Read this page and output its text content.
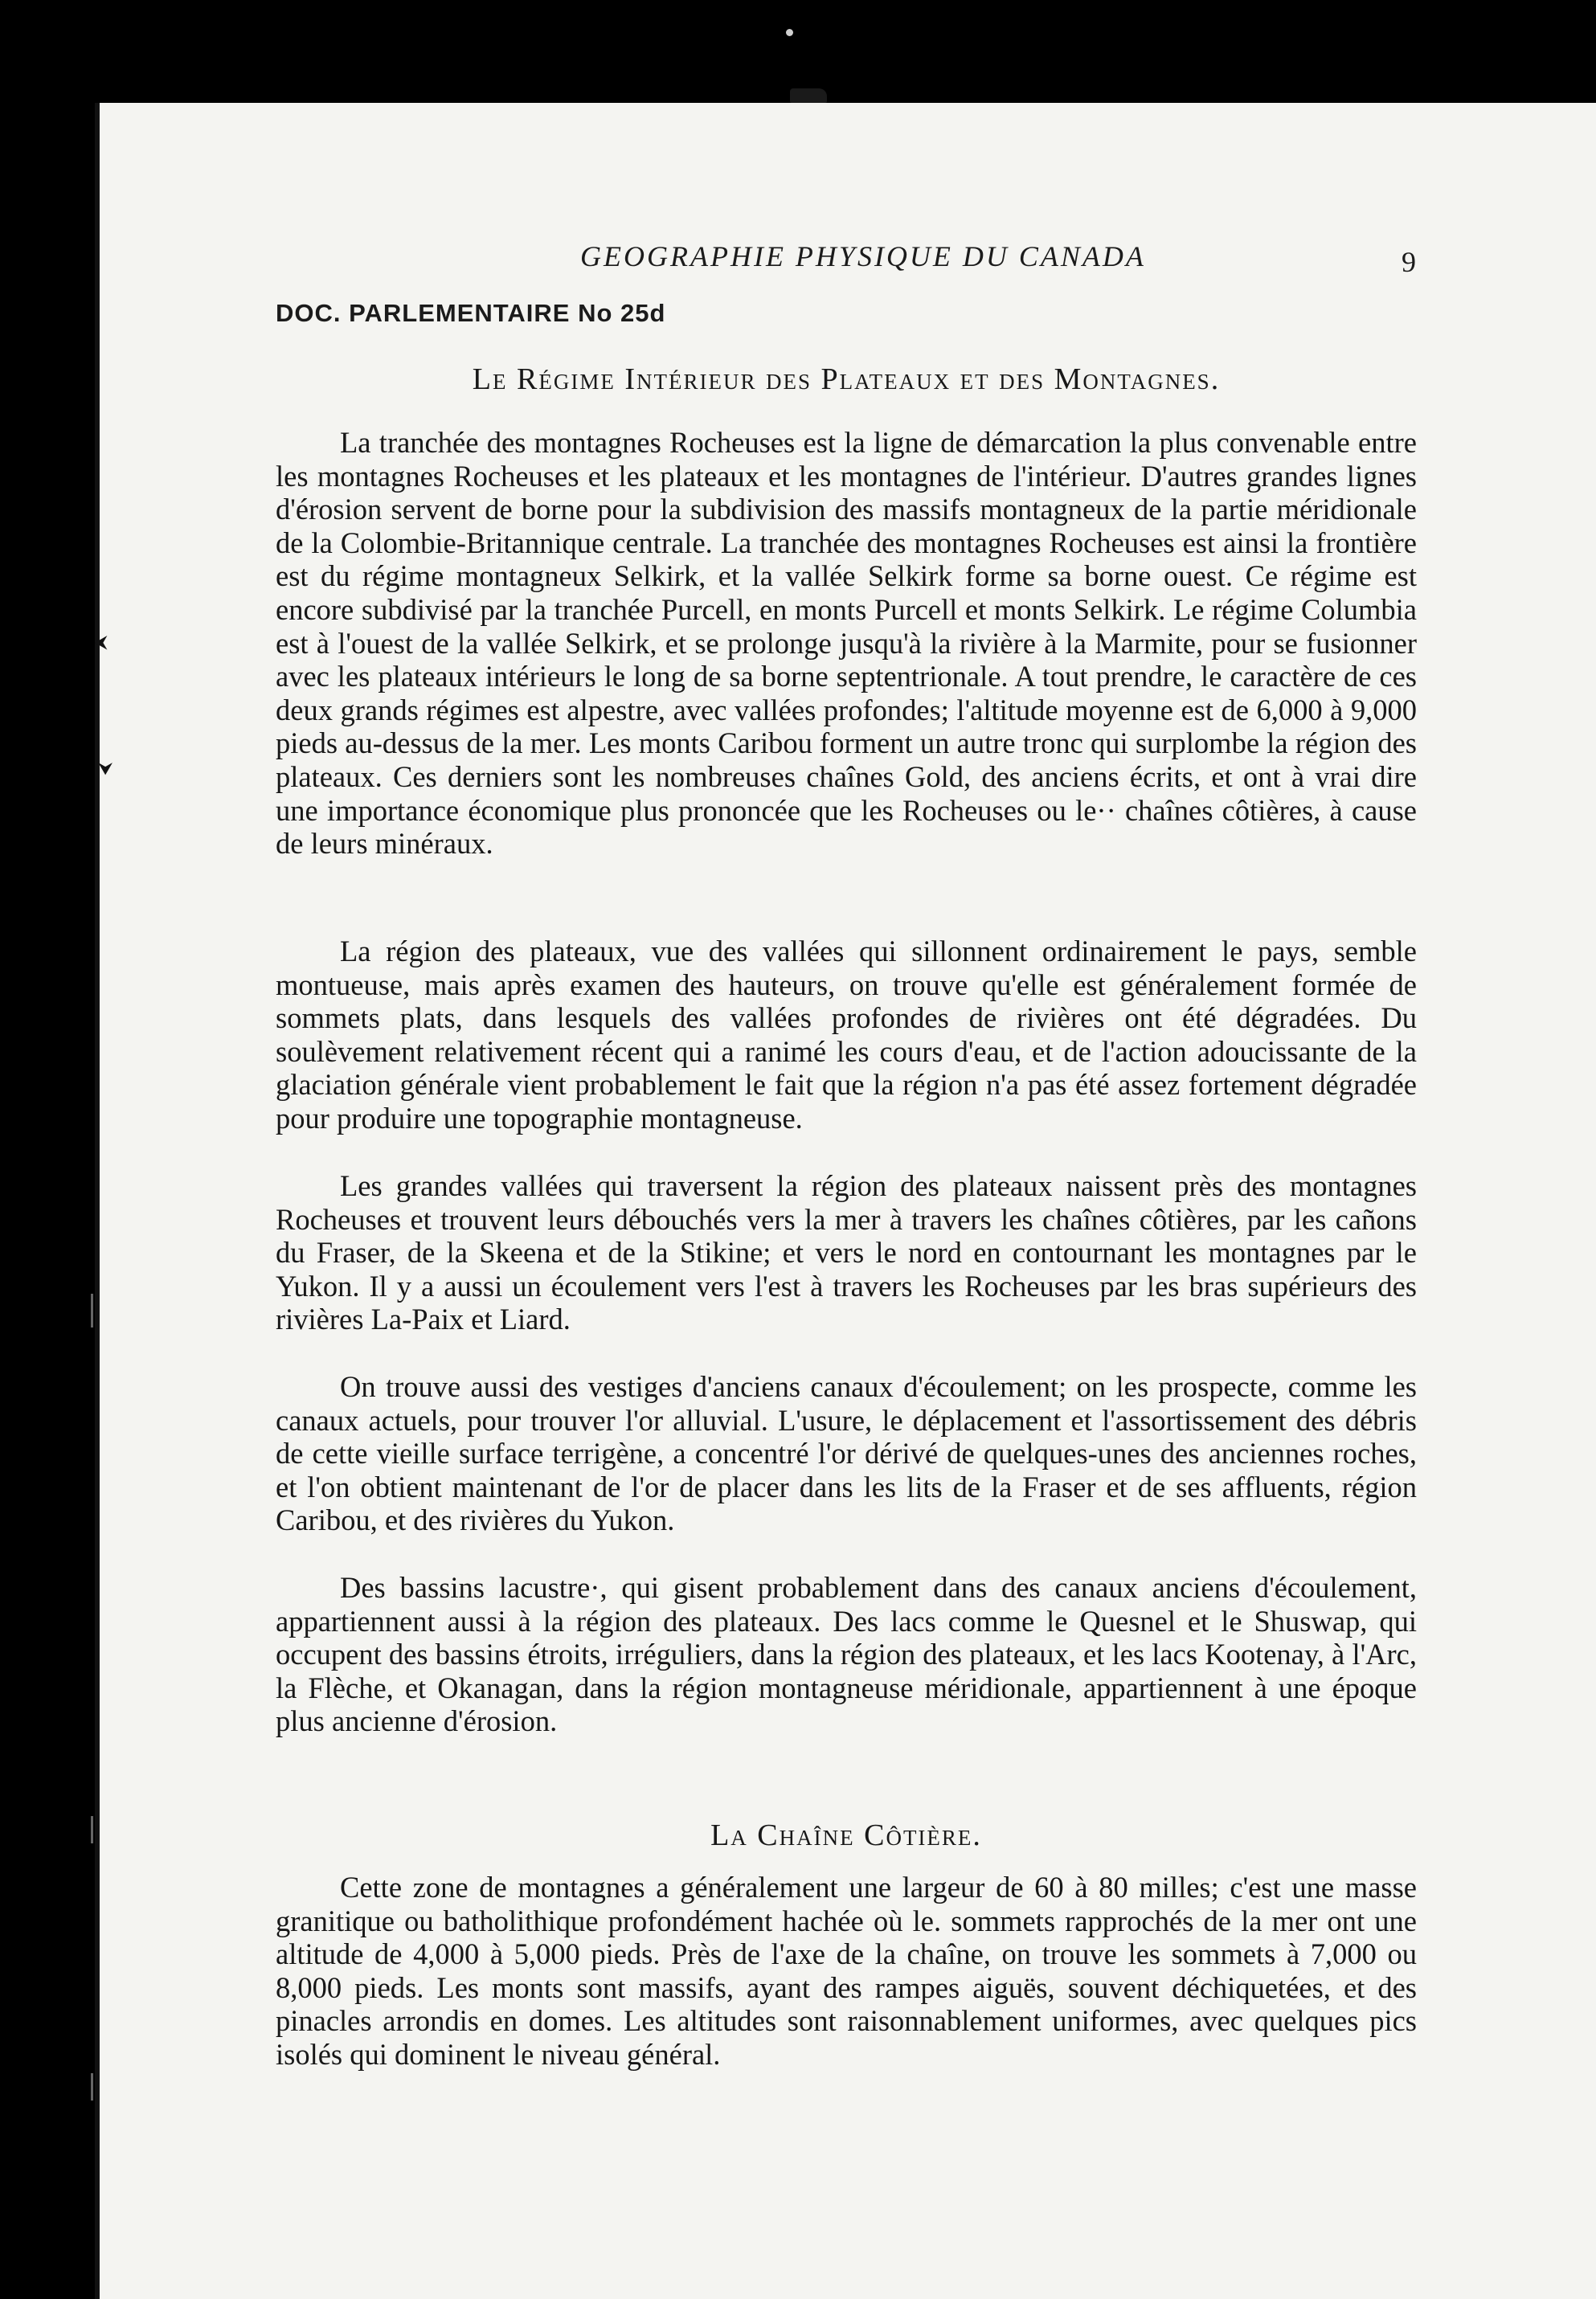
⮜
⮟
GEOGRAPHIE PHYSIQUE DU CANADA	9
DOC. PARLEMENTAIRE No 25d
Le Régime Intérieur des Plateaux et des Montagnes.

La tranchée des montagnes Rocheuses est la ligne de démarcation la plus convenable entre les montagnes Rocheuses et les plateaux et les montagnes de l'intérieur. D'autres grandes lignes d'érosion servent de borne pour la subdivision des massifs montagneux de la partie méridionale de la Colombie-Britannique centrale. La tranchée des montagnes Rocheuses est ainsi la frontière est du régime montagneux Selkirk, et la vallée Selkirk forme sa borne ouest. Ce régime est encore subdivisé par la tranchée Purcell, en monts Purcell et monts Selkirk. Le régime Columbia est à l'ouest de la vallée Selkirk, et se prolonge jusqu'à la rivière à la Marmite, pour se fusionner avec les plateaux intérieurs le long de sa borne septentrionale. A tout prendre, le caractère de ces deux grands régimes est alpestre, avec vallées profondes; l'altitude moyenne est de 6,000 à 9,000 pieds au-dessus de la mer. Les monts Caribou forment un autre tronc qui surplombe la région des plateaux. Ces derniers sont les nombreuses chaînes Gold, des anciens écrits, et ont à vrai dire une importance économique plus prononcée que les Rocheuses ou le·· chaînes côtières, à cause de leurs minéraux.

La région des plateaux, vue des vallées qui sillonnent ordinairement le pays, semble montueuse, mais après examen des hauteurs, on trouve qu'elle est généralement formée de sommets plats, dans lesquels des vallées profondes de rivières ont été dégradées. Du soulèvement relativement récent qui a ranimé les cours d'eau, et de l'action adoucissante de la glaciation générale vient probablement le fait que la région n'a pas été assez fortement dégradée pour produire une topographie montagneuse.

Les grandes vallées qui traversent la région des plateaux naissent près des montagnes Rocheuses et trouvent leurs débouchés vers la mer à travers les chaînes côtières, par les cañons du Fraser, de la Skeena et de la Stikine; et vers le nord en contournant les montagnes par le Yukon. Il y a aussi un écoulement vers l'est à travers les Rocheuses par les bras supérieurs des rivières La-Paix et Liard.

On trouve aussi des vestiges d'anciens canaux d'écoulement; on les prospecte, comme les canaux actuels, pour trouver l'or alluvial. L'usure, le déplacement et l'assortissement des débris de cette vieille surface terrigène, a concentré l'or dérivé de quelques-unes des anciennes roches, et l'on obtient maintenant de l'or de placer dans les lits de la Fraser et de ses affluents, région Caribou, et des rivières du Yukon.

Des bassins lacustre·, qui gisent probablement dans des canaux anciens d'écoulement, appartiennent aussi à la région des plateaux. Des lacs comme le Quesnel et le Shuswap, qui occupent des bassins étroits, irréguliers, dans la région des plateaux, et les lacs Kootenay, à l'Arc, la Flèche, et Okanagan, dans la région montagneuse méridionale, appartiennent à une époque plus ancienne d'érosion.

La Chaîne Côtière.

Cette zone de montagnes a généralement une largeur de 60 à 80 milles; c'est une masse granitique ou batholithique profondément hachée où le. sommets rapprochés de la mer ont une altitude de 4,000 à 5,000 pieds. Près de l'axe de la chaîne, on trouve les sommets à 7,000 ou 8,000 pieds. Les monts sont massifs, ayant des rampes aiguës, souvent déchiquetées, et des pinacles arrondis en domes. Les altitudes sont raisonnablement uniformes, avec quelques pics isolés qui dominent le niveau général.
